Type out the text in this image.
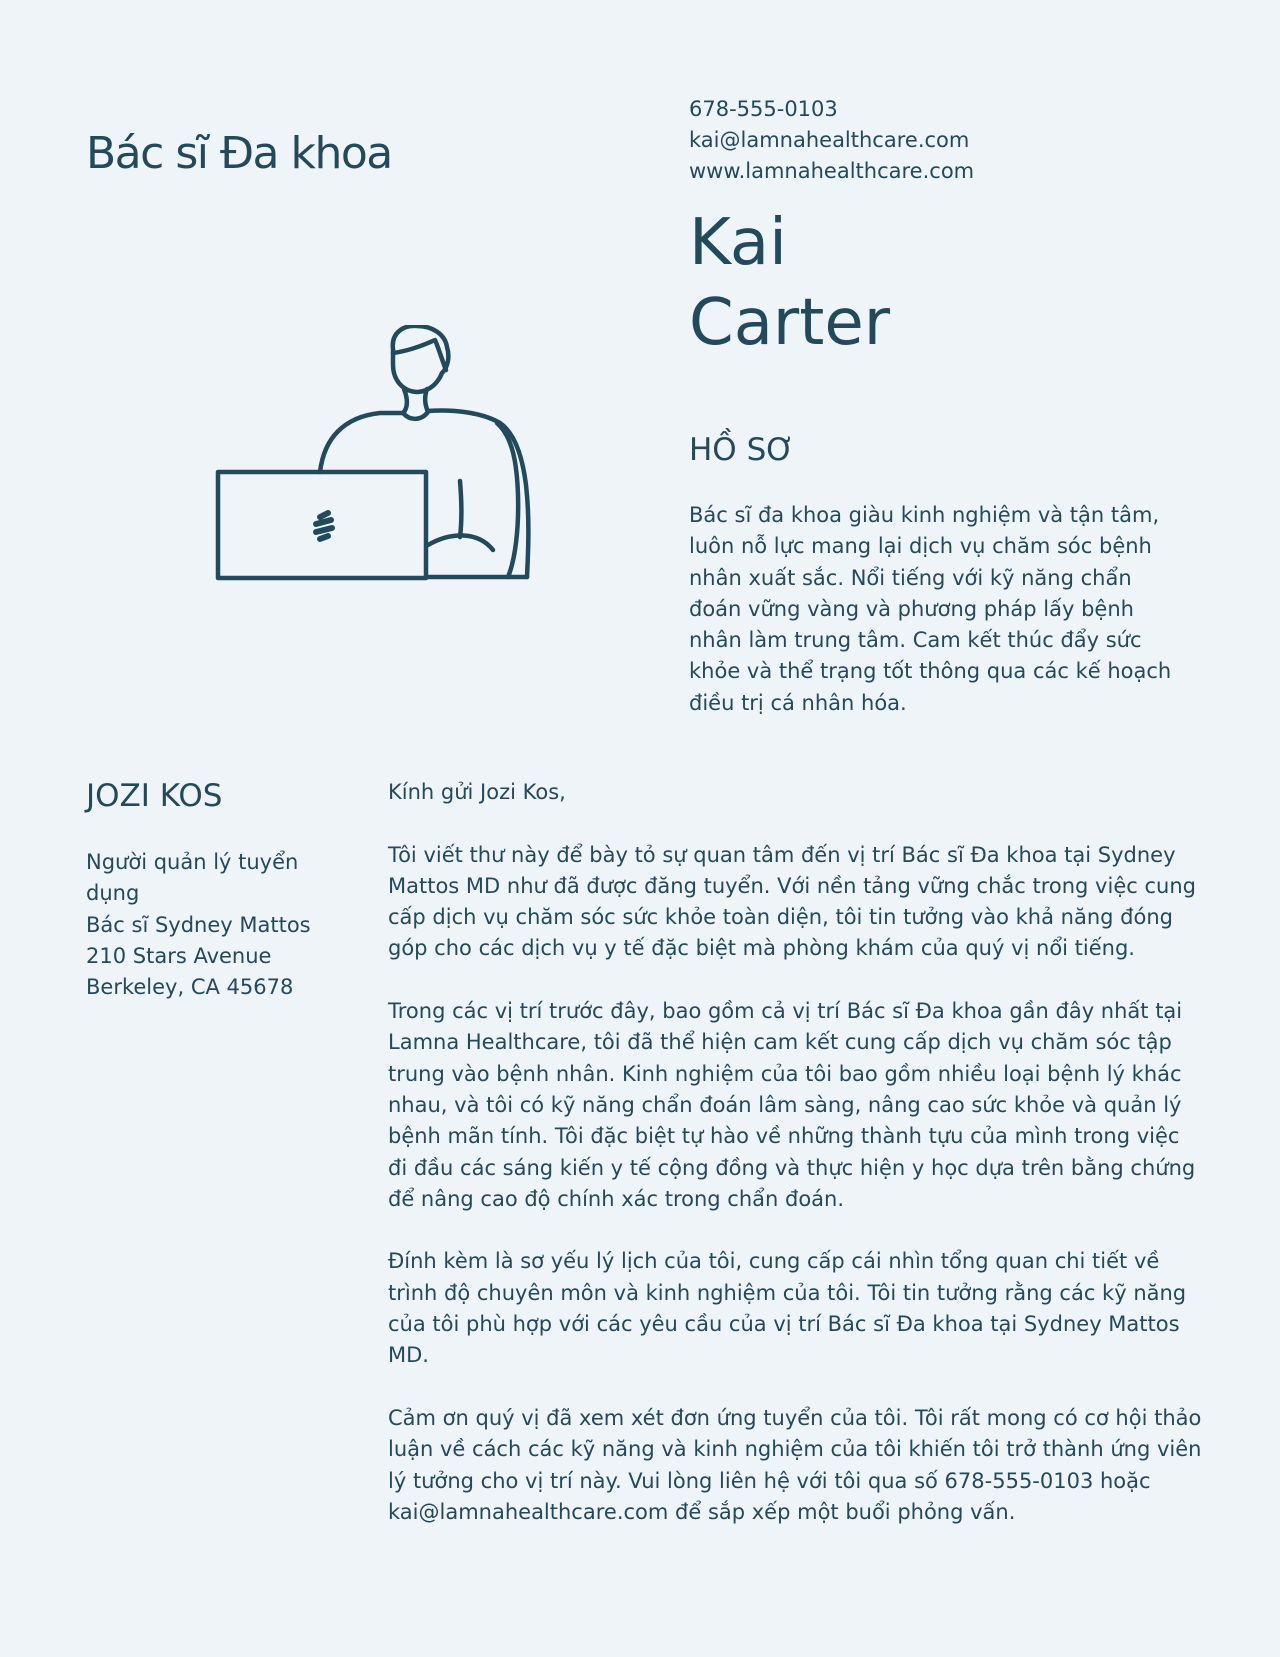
Bác sĩ Đa khoa
678-555-0103
kai@lamnahealthcare.com
www.lamnahealthcare.com
Kai
Carter
HỒ SƠ

Bác sĩ đa khoa giàu kinh nghiệm và tận tâm, luôn nỗ lực mang lại dịch vụ chăm sóc bệnh nhân xuất sắc. Nổi tiếng với kỹ năng chẩn đoán vững vàng và phương pháp lấy bệnh nhân làm trung tâm. Cam kết thúc đẩy sức khỏe và thể trạng tốt thông qua các kế hoạch điều trị cá nhân hóa.

JOZI KOS
Người quản lý tuyển dụng
Bác sĩ Sydney Mattos
210 Stars Avenue
Berkeley, CA 45678

Kính gửi Jozi Kos,

Tôi viết thư này để bày tỏ sự quan tâm đến vị trí Bác sĩ Đa khoa tại Sydney Mattos MD như đã được đăng tuyển. Với nền tảng vững chắc trong việc cung cấp dịch vụ chăm sóc sức khỏe toàn diện, tôi tin tưởng vào khả năng đóng góp cho các dịch vụ y tế đặc biệt mà phòng khám của quý vị nổi tiếng.

Trong các vị trí trước đây, bao gồm cả vị trí Bác sĩ Đa khoa gần đây nhất tại Lamna Healthcare, tôi đã thể hiện cam kết cung cấp dịch vụ chăm sóc tập trung vào bệnh nhân. Kinh nghiệm của tôi bao gồm nhiều loại bệnh lý khác nhau, và tôi có kỹ năng chẩn đoán lâm sàng, nâng cao sức khỏe và quản lý bệnh mãn tính. Tôi đặc biệt tự hào về những thành tựu của mình trong việc đi đầu các sáng kiến y tế cộng đồng và thực hiện y học dựa trên bằng chứng để nâng cao độ chính xác trong chẩn đoán.

Đính kèm là sơ yếu lý lịch của tôi, cung cấp cái nhìn tổng quan chi tiết về trình độ chuyên môn và kinh nghiệm của tôi. Tôi tin tưởng rằng các kỹ năng của tôi phù hợp với các yêu cầu của vị trí Bác sĩ Đa khoa tại Sydney Mattos MD.

Cảm ơn quý vị đã xem xét đơn ứng tuyển của tôi. Tôi rất mong có cơ hội thảo luận về cách các kỹ năng và kinh nghiệm của tôi khiến tôi trở thành ứng viên lý tưởng cho vị trí này. Vui lòng liên hệ với tôi qua số 678-555-0103 hoặc kai@lamnahealthcare.com để sắp xếp một buổi phỏng vấn.
